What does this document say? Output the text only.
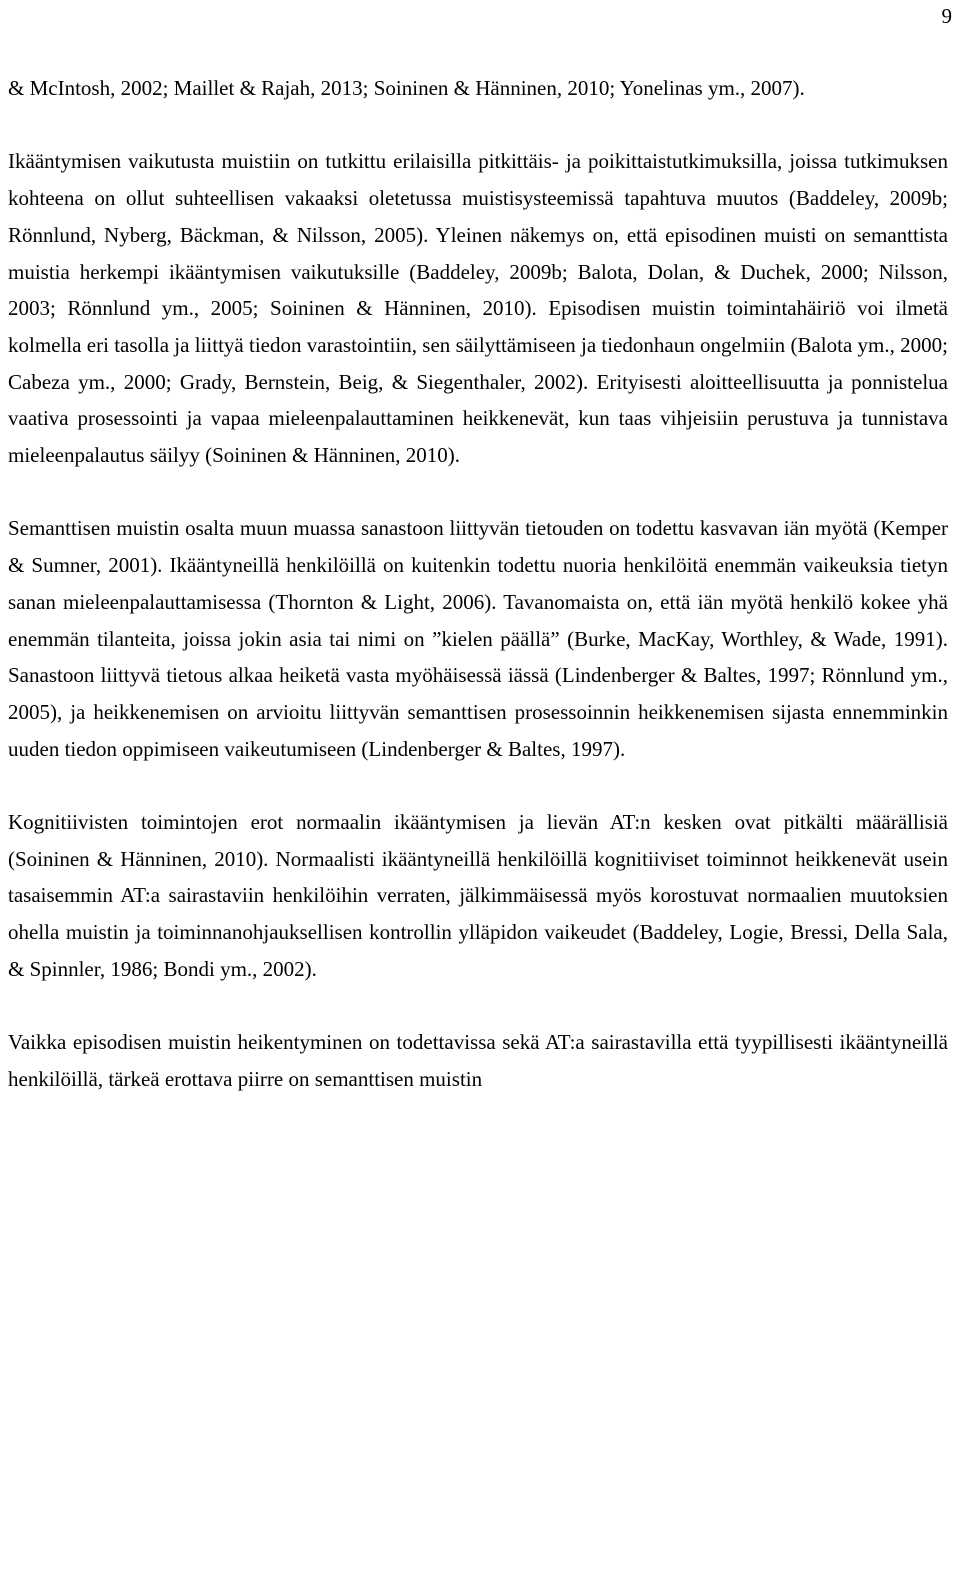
9

& McIntosh, 2002; Maillet & Rajah, 2013; Soininen & Hänninen, 2010; Yonelinas ym., 2007).

Ikääntymisen vaikutusta muistiin on tutkittu erilaisilla pitkittäis- ja poikittaistutkimuksilla, joissa tutkimuksen kohteena on ollut suhteellisen vakaaksi oletetussa muistisysteemissä tapahtuva muutos (Baddeley, 2009b; Rönnlund, Nyberg, Bäckman, & Nilsson, 2005). Yleinen näkemys on, että episodinen muisti on semanttista muistia herkempi ikääntymisen vaikutuksille (Baddeley, 2009b; Balota, Dolan, & Duchek, 2000; Nilsson, 2003; Rönnlund ym., 2005; Soininen & Hänninen, 2010). Episodisen muistin toimintahäiriö voi ilmetä kolmella eri tasolla ja liittyä tiedon varastointiin, sen säilyttämiseen ja tiedonhaun ongelmiin (Balota ym., 2000; Cabeza ym., 2000; Grady, Bernstein, Beig, & Siegenthaler, 2002). Erityisesti aloitteellisuutta ja ponnistelua vaativa prosessointi ja vapaa mieleenpalauttaminen heikkenevät, kun taas vihjeisiin perustuva ja tunnistava mieleenpalautus säilyy (Soininen & Hänninen, 2010).

Semanttisen muistin osalta muun muassa sanastoon liittyvän tietouden on todettu kasvavan iän myötä (Kemper & Sumner, 2001). Ikääntyneillä henkilöillä on kuitenkin todettu nuoria henkilöitä enemmän vaikeuksia tietyn sanan mieleenpalauttamisessa (Thornton & Light, 2006). Tavanomaista on, että iän myötä henkilö kokee yhä enemmän tilanteita, joissa jokin asia tai nimi on ”kielen päällä” (Burke, MacKay, Worthley, & Wade, 1991). Sanastoon liittyvä tietous alkaa heiketä vasta myöhäisessä iässä (Lindenberger & Baltes, 1997; Rönnlund ym., 2005), ja heikkenemisen on arvioitu liittyvän semanttisen prosessoinnin heikkenemisen sijasta ennemminkin uuden tiedon oppimiseen vaikeutumiseen (Lindenberger & Baltes, 1997).

Kognitiivisten toimintojen erot normaalin ikääntymisen ja lievän AT:n kesken ovat pitkälti määrällisiä (Soininen & Hänninen, 2010). Normaalisti ikääntyneillä henkilöillä kognitiiviset toiminnot heikkenevät usein tasaisemmin AT:a sairastaviin henkilöihin verraten, jälkimmäisessä myös korostuvat normaalien muutoksien ohella muistin ja toiminnanohjauksellisen kontrollin ylläpidon vaikeudet (Baddeley, Logie, Bressi, Della Sala, & Spinnler, 1986; Bondi ym., 2002).

Vaikka episodisen muistin heikentyminen on todettavissa sekä AT:a sairastavilla että tyypillisesti ikääntyneillä henkilöillä, tärkeä erottava piirre on semanttisen muistin
